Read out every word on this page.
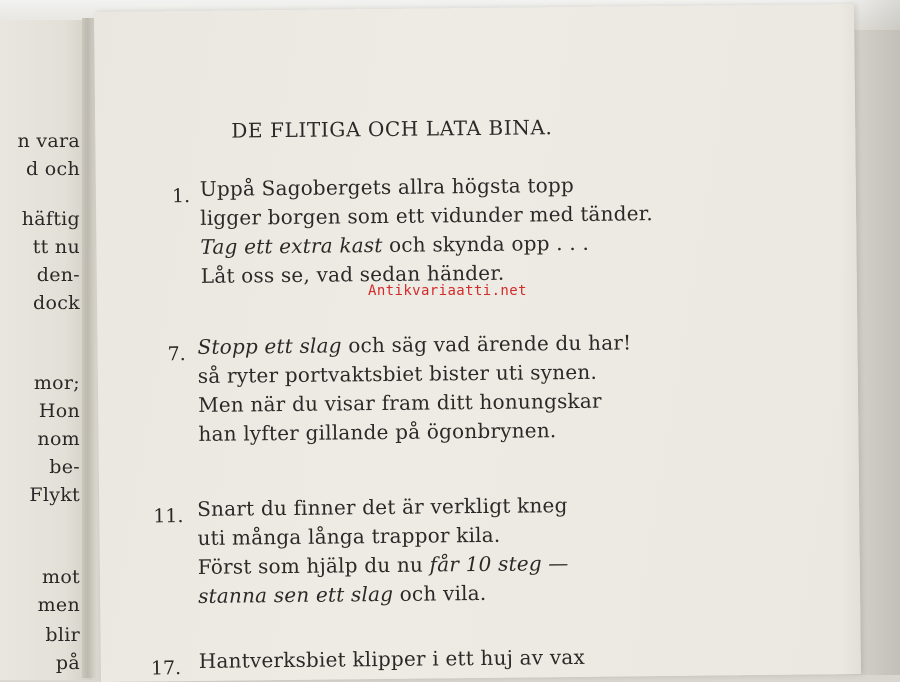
n vara
d och
häftig
tt nu
den-
dock
mor;
Hon
nom
be-
Flykt
mot
men
blir
på
DE FLITIGA OCH LATA BINA.
1. Uppå Sagobergets allra högsta topp
ligger borgen som ett vidunder med tänder.
Tag ett extra kast och skynda opp . . .
Låt oss se, vad sedan händer.
7. Stopp ett slag och säg vad ärende du har!
så ryter portvaktsbiet bister uti synen.
Men när du visar fram ditt honungskar
han lyfter gillande på ögonbrynen.
11. Snart du finner det är verkligt kneg
uti många långa trappor kila.
Först som hjälp du nu får 10 steg —
stanna sen ett slag och vila.
17. Hantverksbiet klipper i ett huj av vax
Antikvariaatti.net
